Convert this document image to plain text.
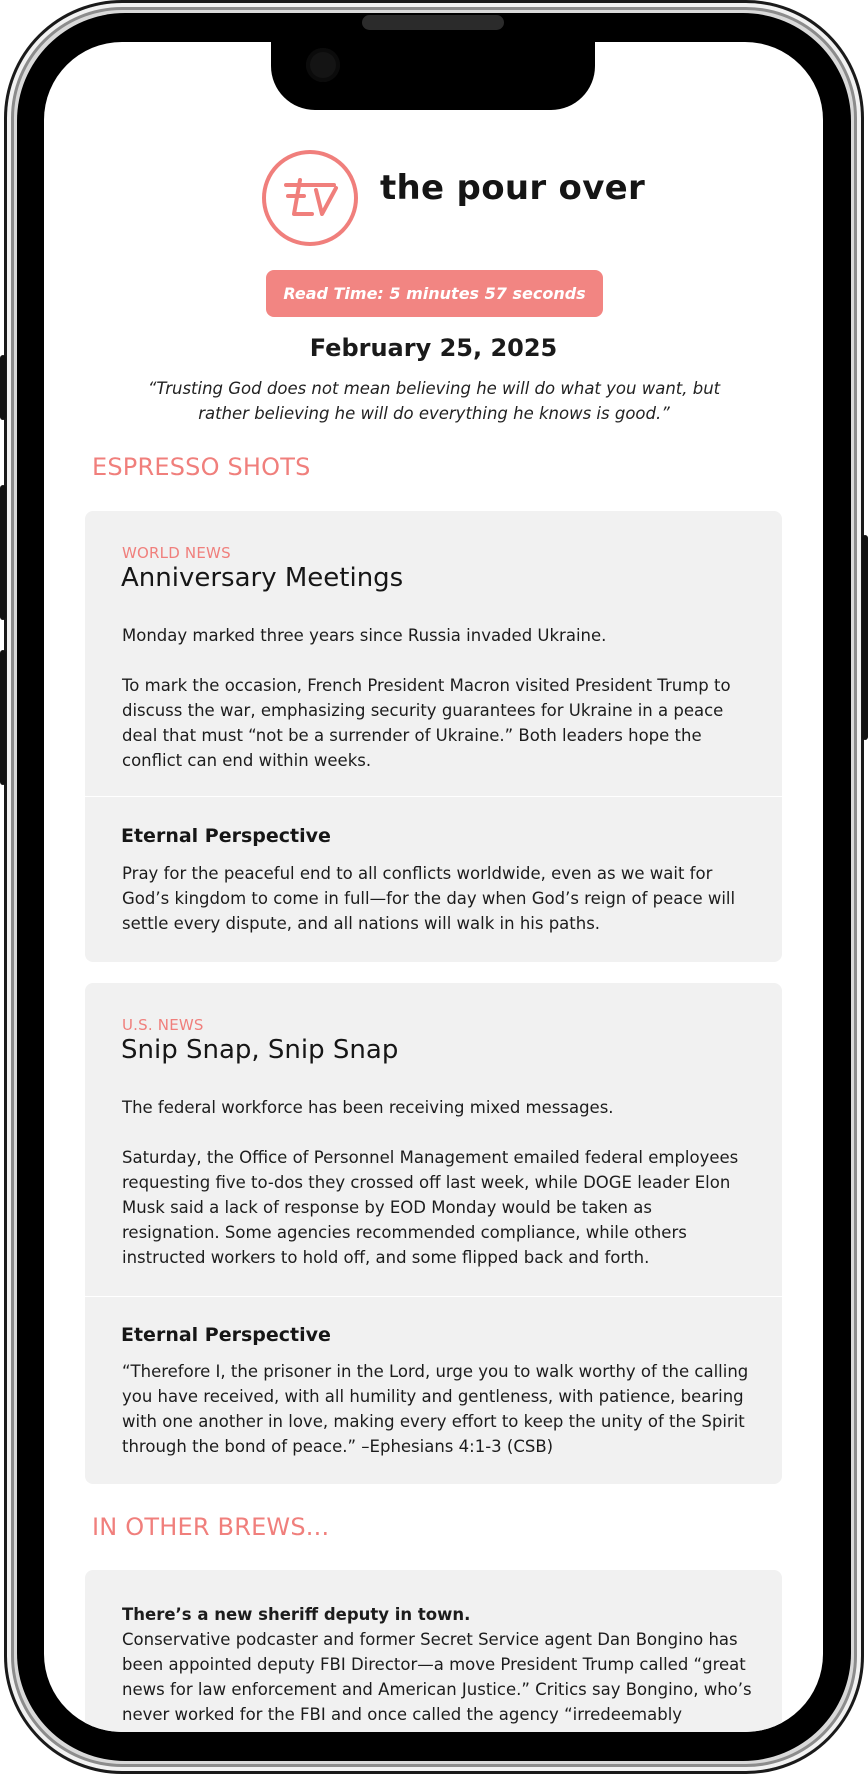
the pour over
Read Time: 5 minutes 57 seconds
February 25, 2025
“Trusting God does not mean believing he will do what you want, but rather believing he will do everything he knows is good.”
ESPRESSO SHOTS
WORLD NEWS
Anniversary Meetings
Monday marked three years since Russia invaded Ukraine.
To mark the occasion, French President Macron visited President Trump to discuss the war, emphasizing security guarantees for Ukraine in a peace deal that must “not be a surrender of Ukraine.” Both leaders hope the conflict can end within weeks.
Eternal Perspective
Pray for the peaceful end to all conflicts worldwide, even as we wait for God’s kingdom to come in full—for the day when God’s reign of peace will settle every dispute, and all nations will walk in his paths.
U.S. NEWS
Snip Snap, Snip Snap
The federal workforce has been receiving mixed messages.
Saturday, the Office of Personnel Management emailed federal employees requesting five to-dos they crossed off last week, while DOGE leader Elon Musk said a lack of response by EOD Monday would be taken as resignation. Some agencies recommended compliance, while others instructed workers to hold off, and some flipped back and forth.
Eternal Perspective
“Therefore I, the prisoner in the Lord, urge you to walk worthy of the calling you have received, with all humility and gentleness, with patience, bearing with one another in love, making every effort to keep the unity of the Spirit through the bond of peace.” –Ephesians 4:1-3 (CSB)
IN OTHER BREWS...
There’s a new sheriff deputy in town.
Conservative podcaster and former Secret Service agent Dan Bongino has been appointed deputy FBI Director—a move President Trump called “great news for law enforcement and American Justice.” Critics say Bongino, who’s never worked for the FBI and once called the agency “irredeemably
